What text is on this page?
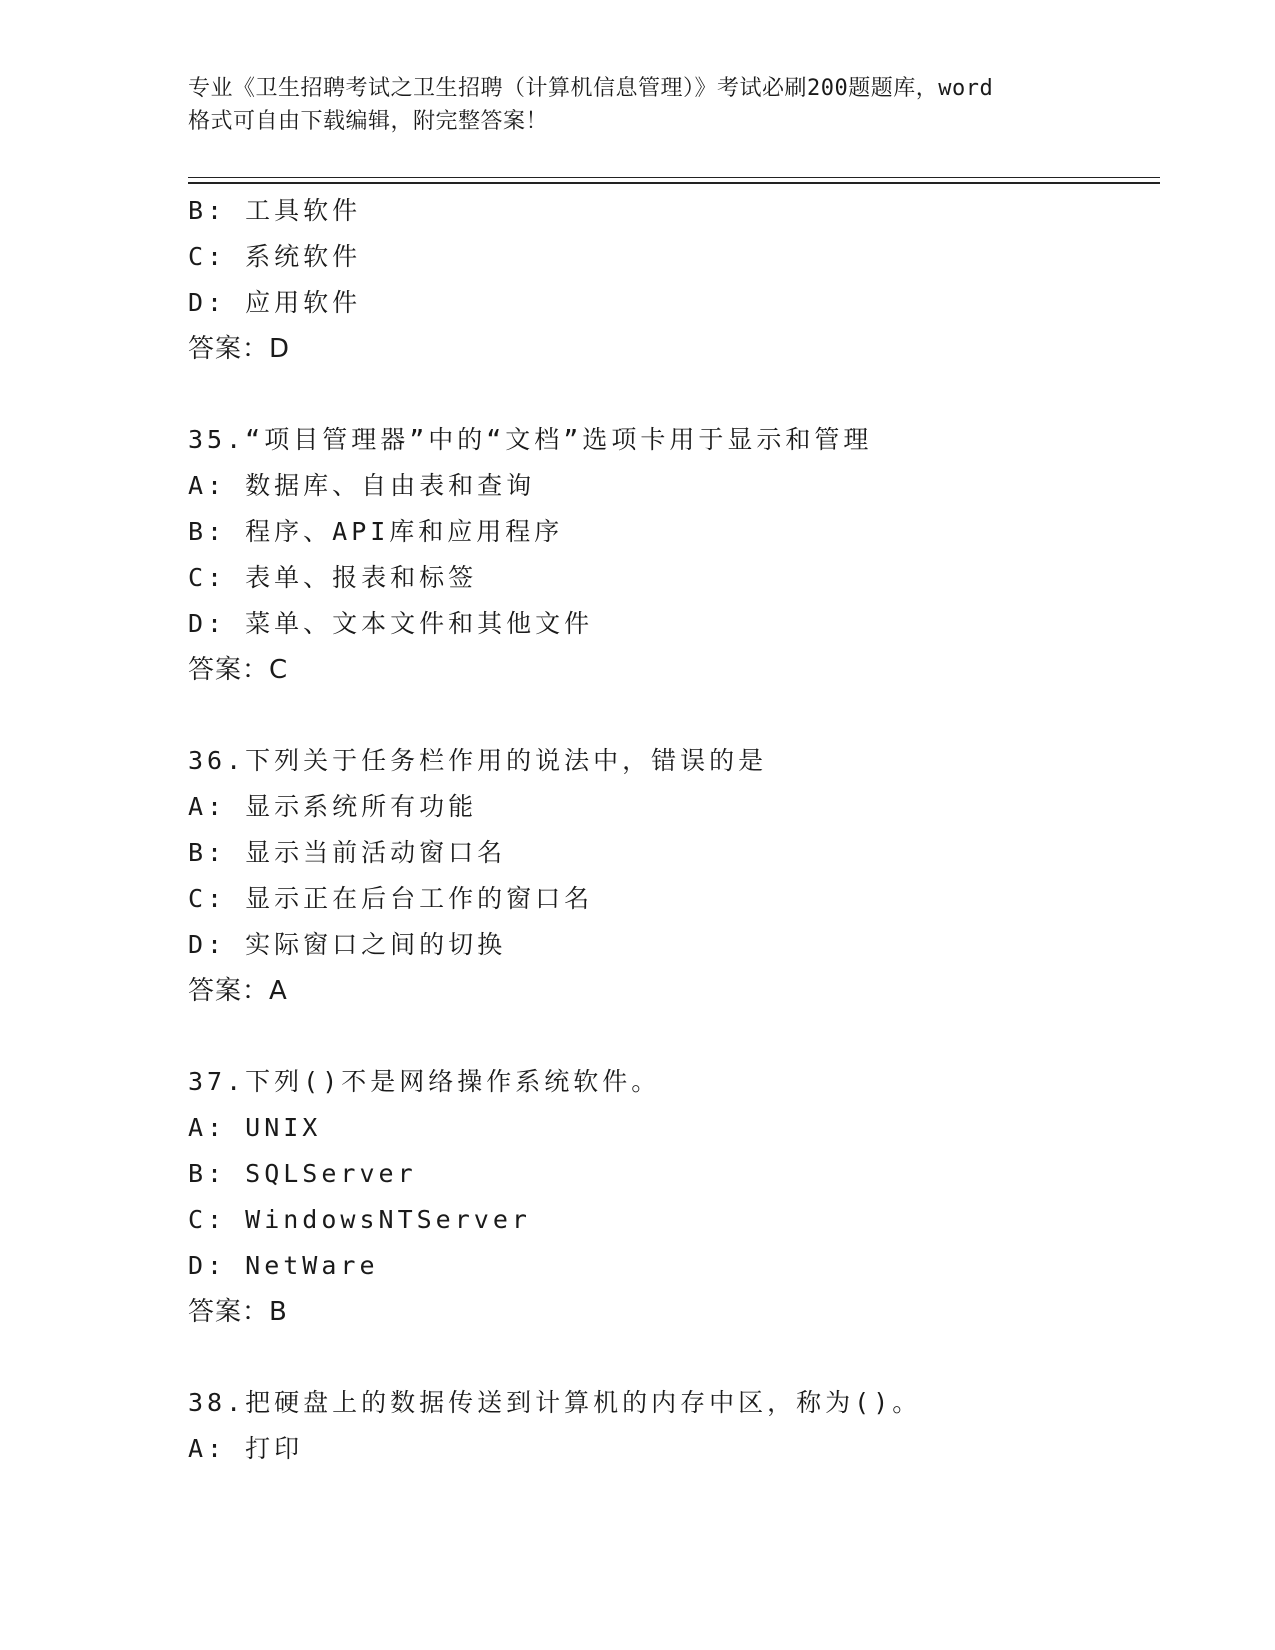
专业《卫生招聘考试之卫生招聘（计算机信息管理）》考试必刷200题题库，word
格式可自由下载编辑，附完整答案！
B: 工具软件
C: 系统软件
D: 应用软件
答案：D
35.“项目管理器”中的“文档”选项卡用于显示和管理
A: 数据库、自由表和查询
B: 程序、API库和应用程序
C: 表单、报表和标签
D: 菜单、文本文件和其他文件
答案：C
36.下列关于任务栏作用的说法中，错误的是
A: 显示系统所有功能
B: 显示当前活动窗口名
C: 显示正在后台工作的窗口名
D: 实际窗口之间的切换
答案：A
37.下列()不是网络操作系统软件。
A: UNIX
B: SQLServer
C: WindowsNTServer
D: NetWare
答案：B
38.把硬盘上的数据传送到计算机的内存中区，称为()。
A: 打印
